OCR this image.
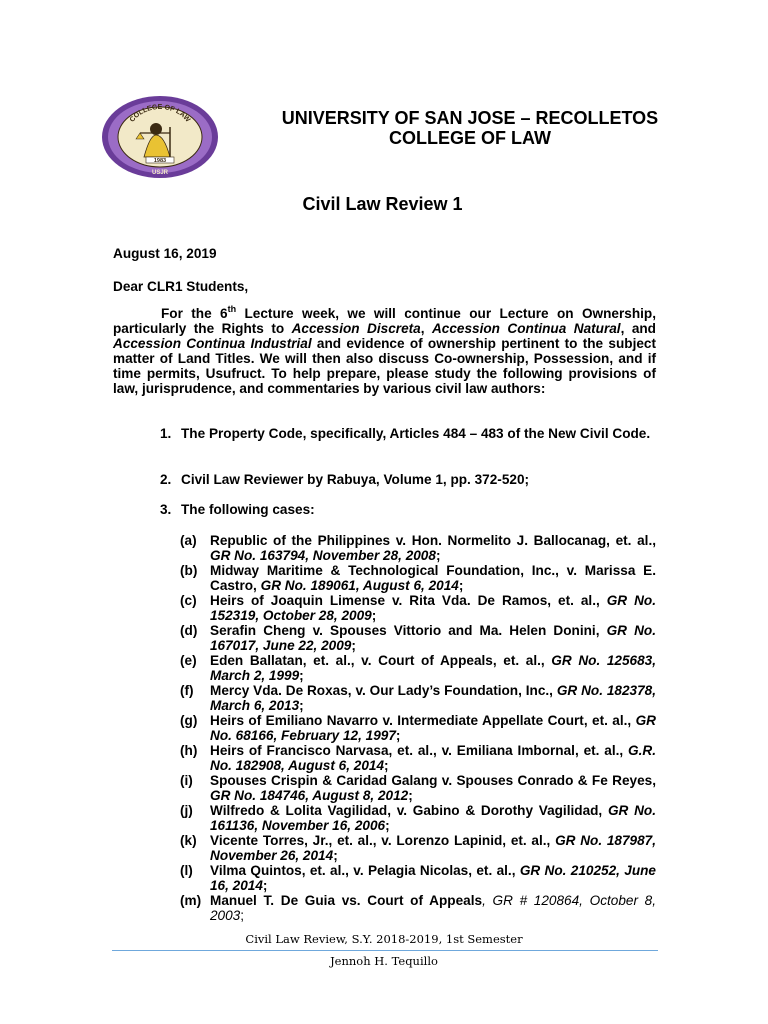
COLLEGE OF LAW
1983
USJR
UNIVERSITY OF SAN JOSE – RECOLLETOS
COLLEGE OF LAW
Civil Law Review 1
August 16, 2019
Dear CLR1 Students,

For the 6th Lecture week, we will continue our Lecture on Ownership, particularly the Rights to Accession Discreta, Accession Continua Natural, and Accession Continua Industrial and evidence of ownership pertinent to the subject matter of Land Titles. We will then also discuss Co-ownership, Possession, and if time permits, Usufruct. To help prepare, please study the following provisions of law, jurisprudence, and commentaries by various civil law authors:

1. The Property Code, specifically, Articles 484 – 483 of the New Civil Code.
2. Civil Law Reviewer by Rabuya, Volume 1, pp. 372-520;
3. The following cases:
(a) Republic of the Philippines v. Hon. Normelito J. Ballocanag, et. al., GR No. 163794, November 28, 2008;
(b) Midway Maritime & Technological Foundation, Inc., v. Marissa E. Castro, GR No. 189061, August 6, 2014;
(c) Heirs of Joaquin Limense v. Rita Vda. De Ramos, et. al., GR No. 152319, October 28, 2009;
(d) Serafin Cheng v. Spouses Vittorio and Ma. Helen Donini, GR No. 167017, June 22, 2009;
(e) Eden Ballatan, et. al., v. Court of Appeals, et. al., GR No. 125683, March 2, 1999;
(f) Mercy Vda. De Roxas, v. Our Lady’s Foundation, Inc., GR No. 182378, March 6, 2013;
(g) Heirs of Emiliano Navarro v. Intermediate Appellate Court, et. al., GR No. 68166, February 12, 1997;
(h) Heirs of Francisco Narvasa, et. al., v. Emiliana Imbornal, et. al., G.R. No. 182908, August 6, 2014;
(i) Spouses Crispin & Caridad Galang v. Spouses Conrado & Fe Reyes, GR No. 184746, August 8, 2012;
(j) Wilfredo & Lolita Vagilidad, v. Gabino & Dorothy Vagilidad, GR No. 161136, November 16, 2006;
(k) Vicente Torres, Jr., et. al., v. Lorenzo Lapinid, et. al., GR No. 187987, November 26, 2014;
(l) Vilma Quintos, et. al., v. Pelagia Nicolas, et. al., GR No. 210252, June 16, 2014;
(m) Manuel T. De Guia vs. Court of Appeals, GR # 120864, October 8, 2003;
Civil Law Review, S.Y. 2018-2019, 1st Semester
Jennoh H. Tequillo
